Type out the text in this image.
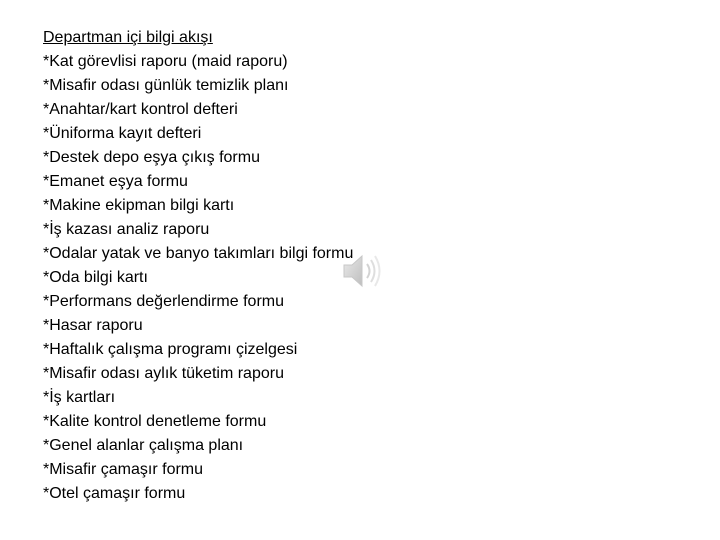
Departman içi bilgi akışı
*Kat görevlisi raporu (maid raporu)
*Misafir odası günlük temizlik planı
*Anahtar/kart kontrol defteri
*Üniforma kayıt defteri
*Destek depo eşya çıkış formu
*Emanet eşya formu
*Makine ekipman bilgi kartı
*İş kazası analiz raporu
*Odalar yatak ve banyo takımları bilgi formu
*Oda bilgi kartı
*Performans değerlendirme formu
*Hasar raporu
*Haftalık çalışma programı çizelgesi
*Misafir odası aylık tüketim raporu
*İş kartları
*Kalite kontrol denetleme formu
*Genel alanlar çalışma planı
*Misafir çamaşır formu
*Otel çamaşır formu
